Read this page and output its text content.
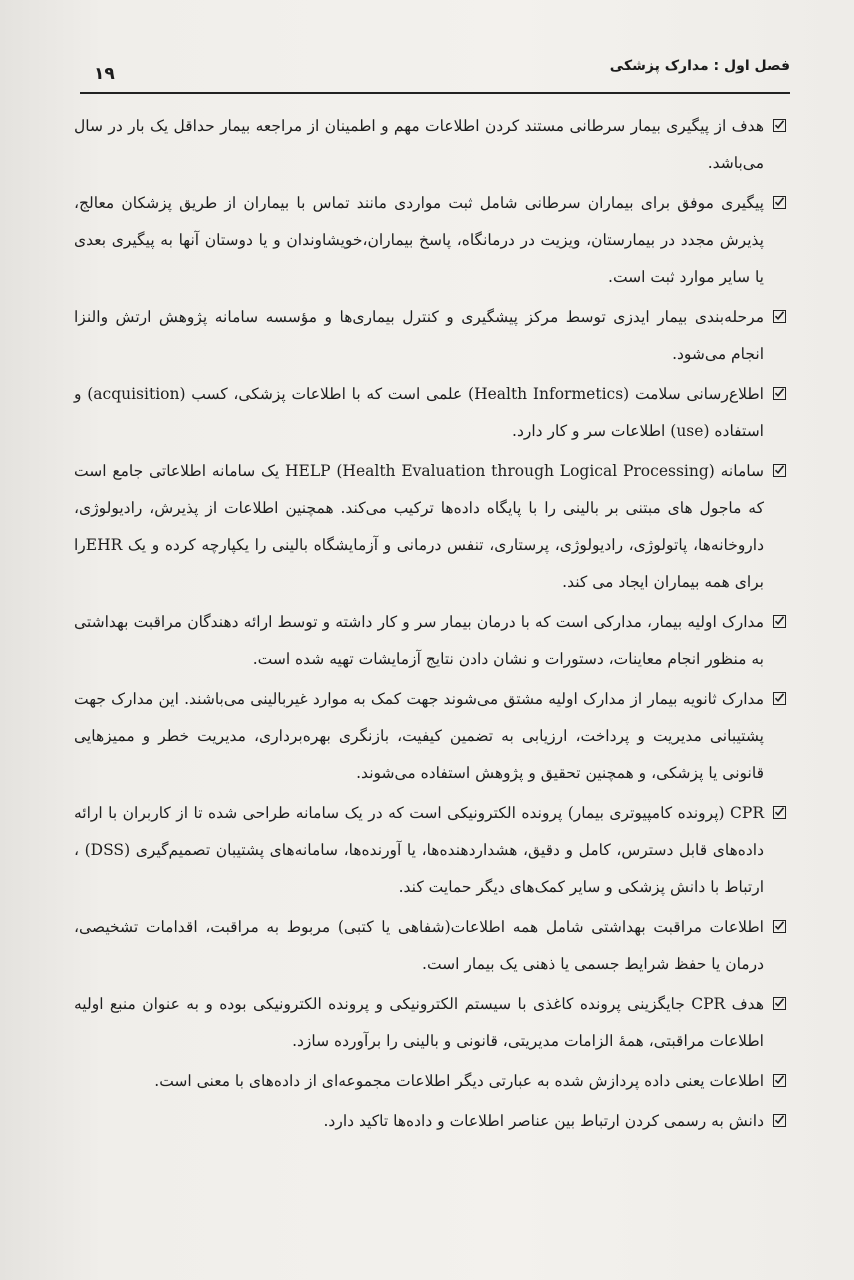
فصل اول : مدارک پزشکی
۱۹
هدف از پیگیری بیمار سرطانی مستند کردن اطلاعات مهم و اطمینان از مراجعه بیمار حداقل یک بار در سال می‌باشد.
پیگیری موفق برای بیماران سرطانی شامل ثبت مواردی مانند تماس با بیماران از طریق پزشکان معالج، پذیرش مجدد در بیمارستان، ویزیت در درمانگاه، پاسخ بیماران،خویشاوندان و یا دوستان آنها به پیگیری بعدی یا سایر موارد ثبت است.
مرحله‌بندی بیمار ایدزی توسط مرکز پیشگیری و کنترل بیماری‌ها و مؤسسه سامانه پژوهش ارتش والنزا انجام می‌شود.
اطلاع‌رسانی سلامت (Health Informetics) علمی است که با اطلاعات پزشکی، کسب (acquisition) و استفاده (use) اطلاعات سر و کار دارد.
سامانه HELP (Health Evaluation through Logical Processing) یک سامانه اطلاعاتی جامع است که ماجول های مبتنی بر بالینی را با پایگاه داده‌ها ترکیب می‌کند. همچنین اطلاعات از پذیرش، رادیولوژی، داروخانه‌ها، پاتولوژی، رادیولوژی، پرستاری، تنفس درمانی و آزمایشگاه بالینی را یکپارچه کرده و یک EHRرا برای همه بیماران ایجاد می کند.
مدارک اولیه بیمار، مدارکی است که با درمان بیمار سر و کار داشته و توسط ارائه دهندگان مراقبت بهداشتی به منظور انجام معاینات، دستورات و نشان دادن نتایج آزمایشات تهیه شده است.
مدارک ثانویه بیمار از مدارک اولیه مشتق می‌شوند جهت کمک به موارد غیربالینی می‌باشند. این مدارک جهت پشتیبانی مدیریت و پرداخت، ارزیابی به تضمین کیفیت، بازنگری بهره‌برداری، مدیریت خطر و ممیزهایی قانونی یا پزشکی، و همچنین تحقیق و پژوهش استفاده می‌شوند.
CPR (پرونده کامپیوتری بیمار) پرونده الکترونیکی است که در یک سامانه طراحی شده تا از کاربران با ارائه داده‌های قابل دسترس، کامل و دقیق، هشداردهنده‌ها، یا آورنده‌ها، سامانه‌های پشتیبان تصمیم‌گیری (DSS) ، ارتباط با دانش پزشکی و سایر کمک‌های دیگر حمایت کند.
اطلاعات مراقبت بهداشتی شامل همه اطلاعات(شفاهی یا کتبی) مربوط به مراقبت، اقدامات تشخیصی، درمان یا حفظ شرایط جسمی یا ذهنی یک بیمار است.
هدف CPR جایگزینی پرونده کاغذی با سیستم الکترونیکی و پرونده الکترونیکی بوده و به عنوان منبع اولیه اطلاعات مراقبتی، همهٔ الزامات مدیریتی، قانونی و بالینی را برآورده سازد.
اطلاعات یعنی داده پردازش شده به عبارتی دیگر اطلاعات مجموعه‌ای از داده‌های با معنی است.
دانش به رسمی کردن ارتباط بین عناصر اطلاعات و داده‌ها تاکید دارد.
